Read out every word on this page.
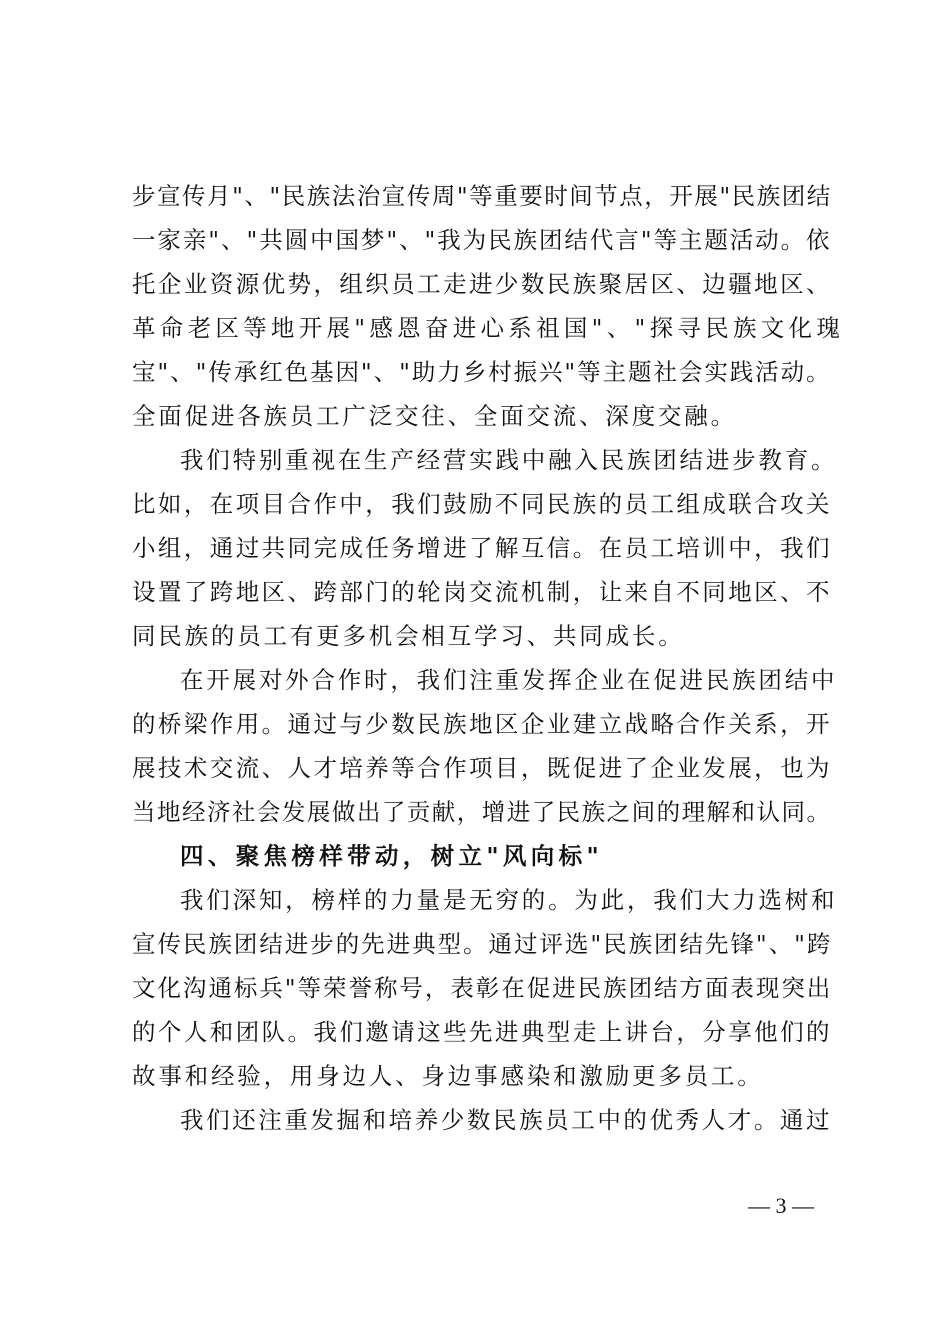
步宣传月"、"民族法治宣传周"等重要时间节点，开展"民族团结
一家亲"、"共圆中国梦"、"我为民族团结代言"等主题活动。依
托企业资源优势，组织员工走进少数民族聚居区、边疆地区、
革命老区等地开展"感恩奋进心系祖国"、"探寻民族文化瑰
宝"、"传承红色基因"、"助力乡村振兴"等主题社会实践活动。
全面促进各族员工广泛交往、全面交流、深度交融。
我们特别重视在生产经营实践中融入民族团结进步教育。
比如，在项目合作中，我们鼓励不同民族的员工组成联合攻关
小组，通过共同完成任务增进了解互信。在员工培训中，我们
设置了跨地区、跨部门的轮岗交流机制，让来自不同地区、不
同民族的员工有更多机会相互学习、共同成长。
在开展对外合作时，我们注重发挥企业在促进民族团结中
的桥梁作用。通过与少数民族地区企业建立战略合作关系，开
展技术交流、人才培养等合作项目，既促进了企业发展，也为
当地经济社会发展做出了贡献，增进了民族之间的理解和认同。
四、聚焦榜样带动，树立"风向标"
我们深知，榜样的力量是无穷的。为此，我们大力选树和
宣传民族团结进步的先进典型。通过评选"民族团结先锋"、"跨
文化沟通标兵"等荣誉称号，表彰在促进民族团结方面表现突出
的个人和团队。我们邀请这些先进典型走上讲台，分享他们的
故事和经验，用身边人、身边事感染和激励更多员工。
我们还注重发掘和培养少数民族员工中的优秀人才。通过
— 3 —
